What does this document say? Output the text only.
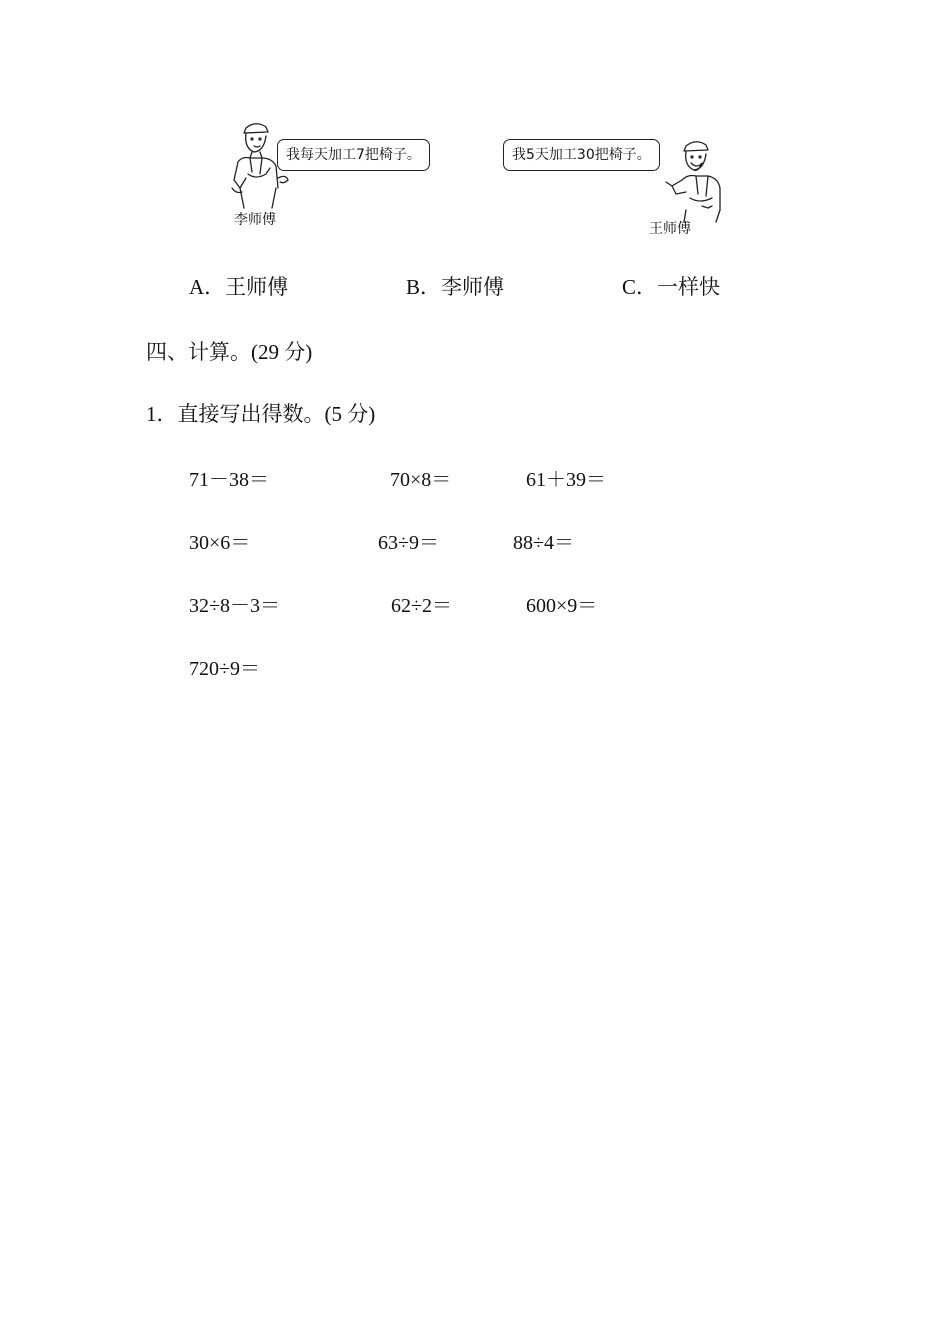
我每天加工7把椅子。
李师傅
我5天加工30把椅子。
王师傅
A．王师傅	B．李师傅	C．一样快
四、计算。(29 分)
1．直接写出得数。(5 分)
71－38＝	70×8＝	61＋39＝
30×6＝	63÷9＝	88÷4＝
32÷8－3＝	62÷2＝	600×9＝
720÷9＝
